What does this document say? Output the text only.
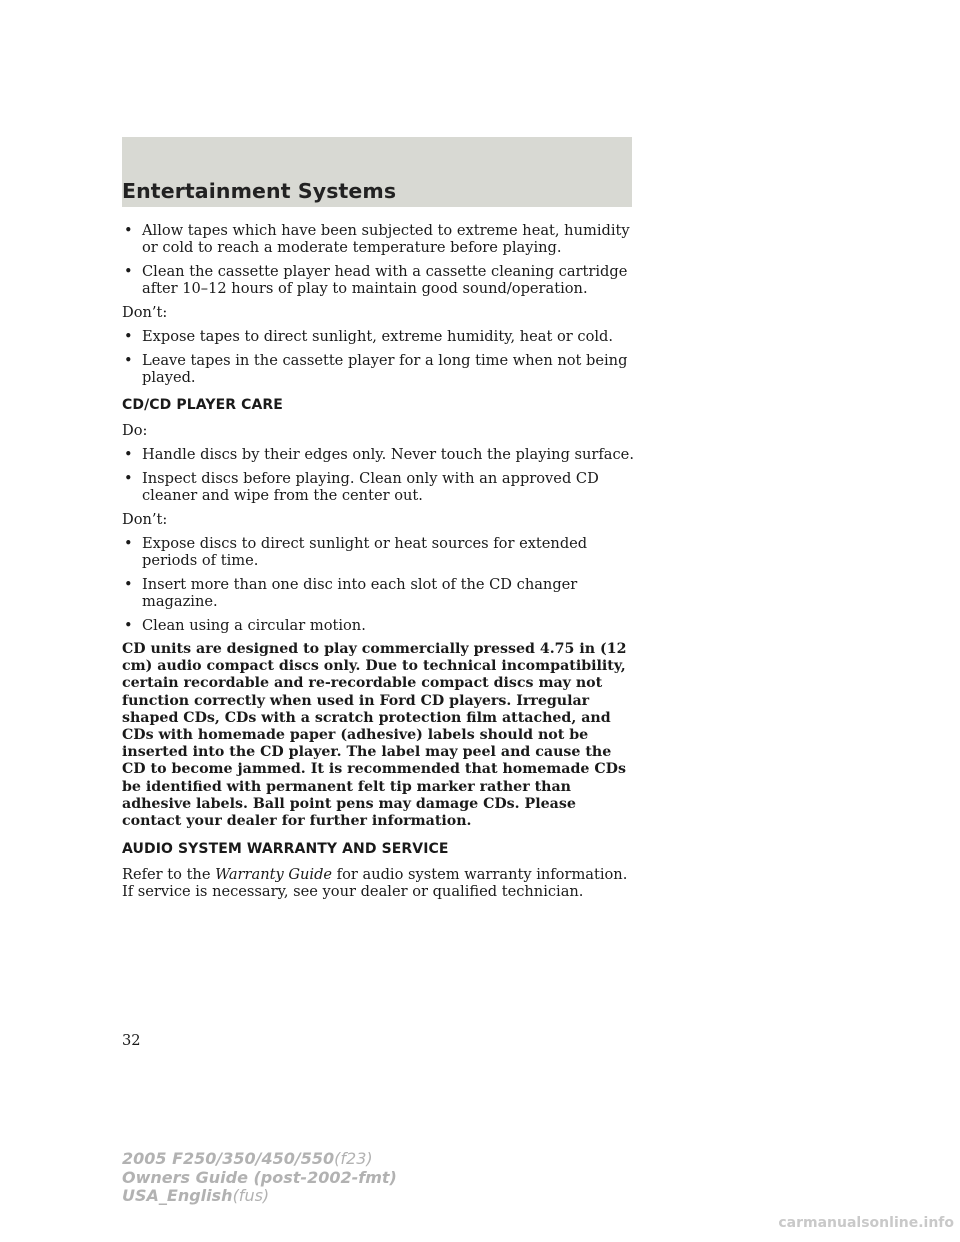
Entertainment Systems
• Allow tapes which have been subjected to extreme heat, humidity or cold to reach a moderate temperature before playing.
• Clean the cassette player head with a cassette cleaning cartridge after 10–12 hours of play to maintain good sound/operation.
Don’t:
• Expose tapes to direct sunlight, extreme humidity, heat or cold.
• Leave tapes in the cassette player for a long time when not being played.
CD/CD PLAYER CARE
Do:
• Handle discs by their edges only. Never touch the playing surface.
• Inspect discs before playing. Clean only with an approved CD cleaner and wipe from the center out.
Don’t:
• Expose discs to direct sunlight or heat sources for extended periods of time.
• Insert more than one disc into each slot of the CD changer magazine.
• Clean using a circular motion.
CD units are designed to play commercially pressed 4.75 in (12 cm) audio compact discs only. Due to technical incompatibility, certain recordable and re-recordable compact discs may not function correctly when used in Ford CD players. Irregular shaped CDs, CDs with a scratch protection film attached, and CDs with homemade paper (adhesive) labels should not be inserted into the CD player. The label may peel and cause the CD to become jammed. It is recommended that homemade CDs be identified with permanent felt tip marker rather than adhesive labels. Ball point pens may damage CDs. Please contact your dealer for further information.
AUDIO SYSTEM WARRANTY AND SERVICE
Refer to the Warranty Guide for audio system warranty information. If service is necessary, see your dealer or qualified technician.
32
2005 F250/350/450/550(f23)
Owners Guide (post-2002-fmt)
USA_English(fus)
carmanualsonline.info
